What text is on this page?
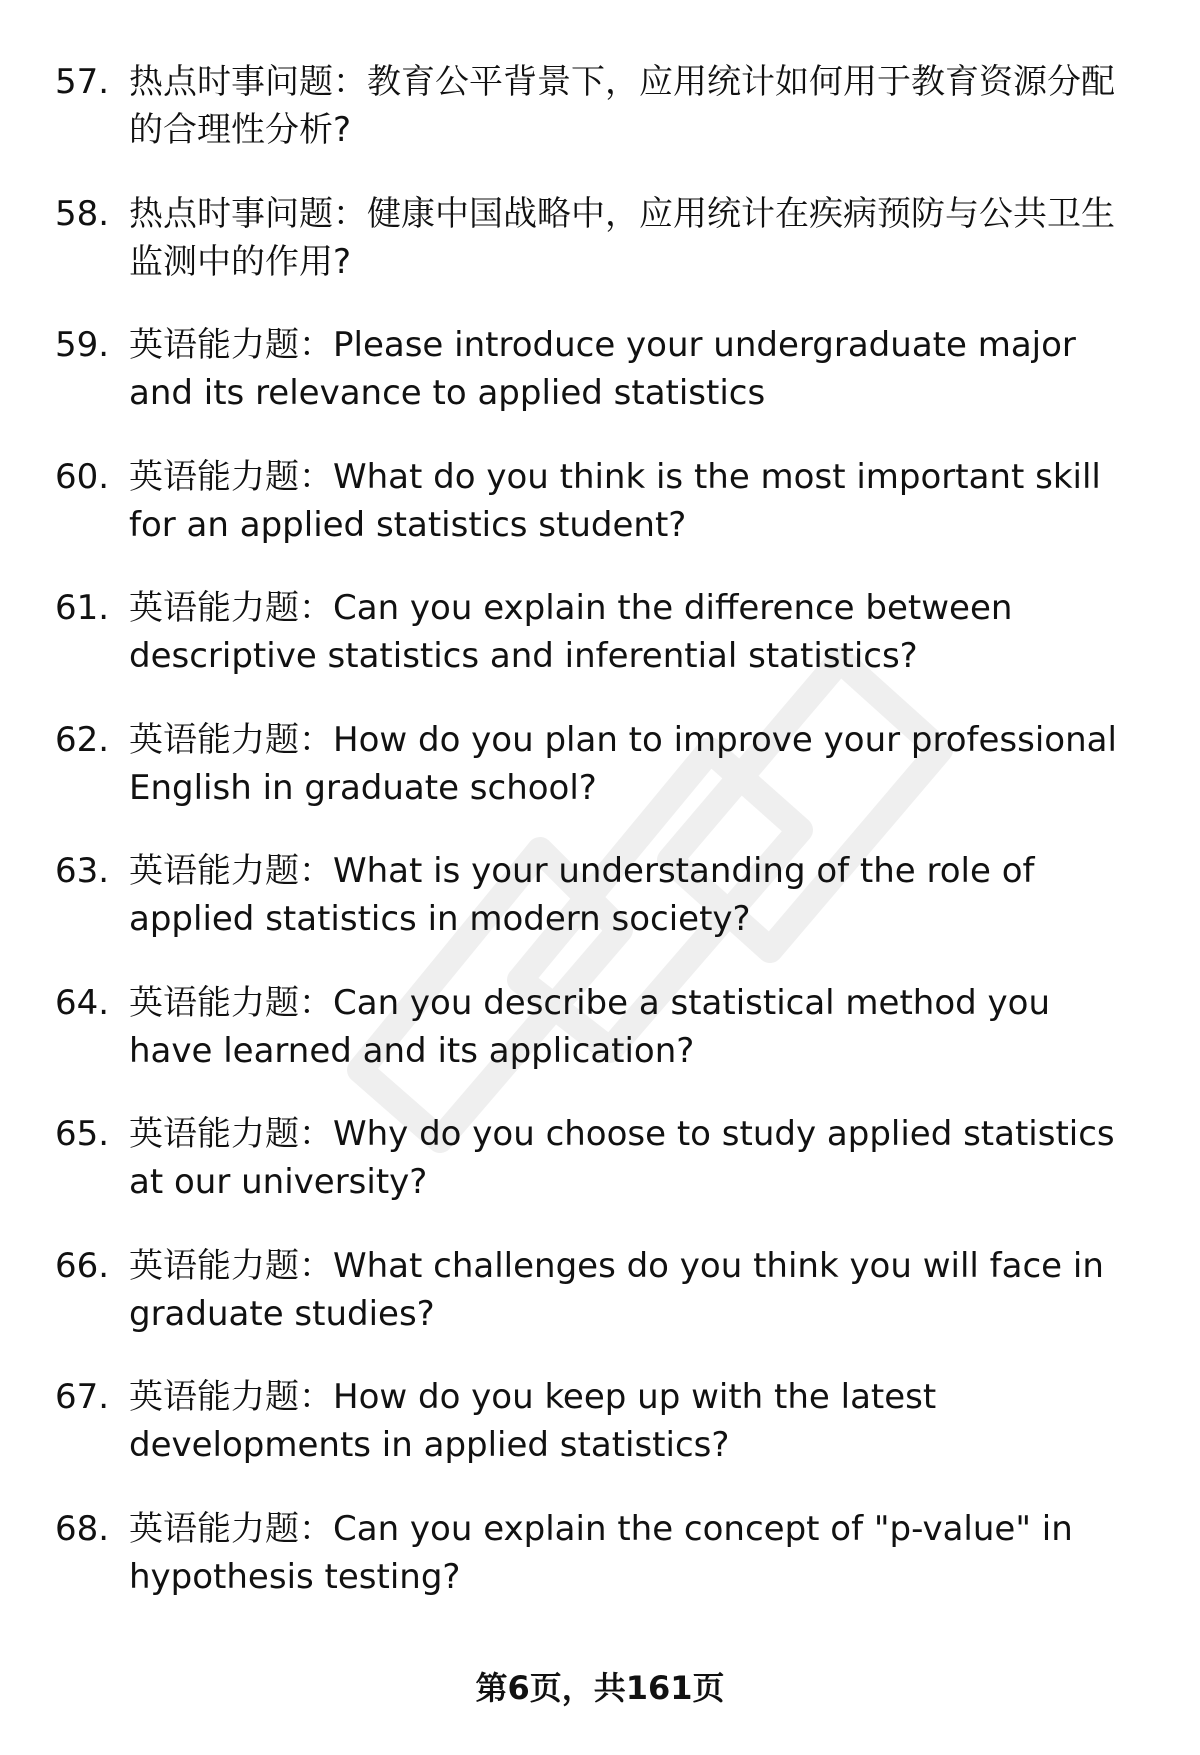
57. 热点时事问题：教育公平背景下，应用统计如何用于教育资源分配的合理性分析?
58. 热点时事问题：健康中国战略中，应用统计在疾病预防与公共卫生监测中的作用?
59. 英语能力题：Please introduce your undergraduate major and its relevance to applied statistics
60. 英语能力题：What do you think is the most important skill for an applied statistics student?
61. 英语能力题：Can you explain the difference between descriptive statistics and inferential statistics?
62. 英语能力题：How do you plan to improve your professional English in graduate school?
63. 英语能力题：What is your understanding of the role of applied statistics in modern society?
64. 英语能力题：Can you describe a statistical method you have learned and its application?
65. 英语能力题：Why do you choose to study applied statistics at our university?
66. 英语能力题：What challenges do you think you will face in graduate studies?
67. 英语能力题：How do you keep up with the latest developments in applied statistics?
68. 英语能力题：Can you explain the concept of "p-value" in hypothesis testing?
第6页，共161页
